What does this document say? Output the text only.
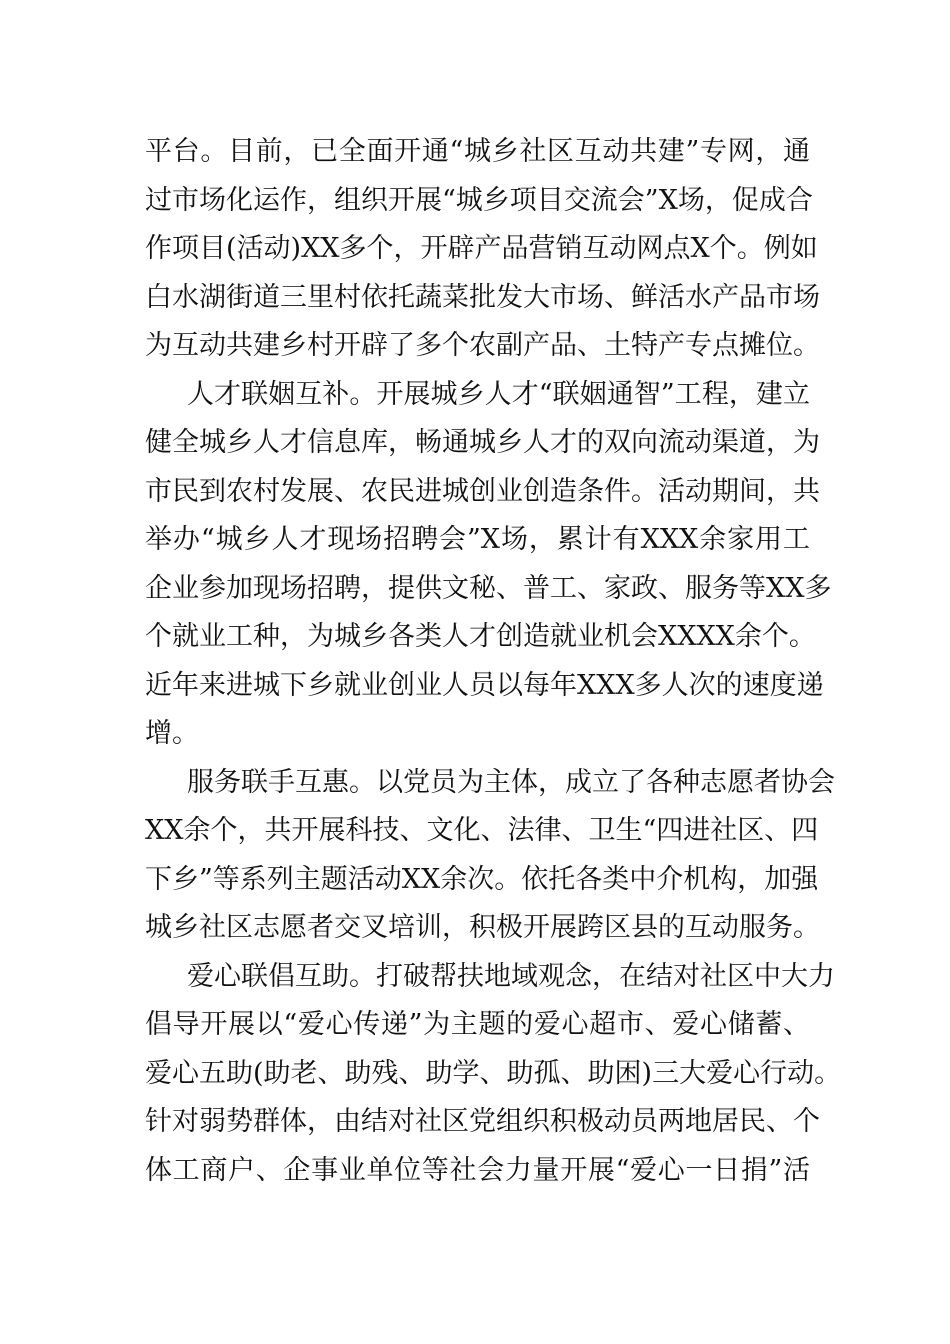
平台。目前，已全面开通“城乡社区互动共建”专网，通
过市场化运作，组织开展“城乡项目交流会”X场，促成合
作项目(活动)XX多个，开辟产品营销互动网点X个。例如
白水湖街道三里村依托蔬菜批发大市场、鲜活水产品市场
为互动共建乡村开辟了多个农副产品、土特产专点摊位。
人才联姻互补。开展城乡人才“联姻通智”工程，建立
健全城乡人才信息库，畅通城乡人才的双向流动渠道，为
市民到农村发展、农民进城创业创造条件。活动期间，共
举办“城乡人才现场招聘会”X场，累计有XXX余家用工
企业参加现场招聘，提供文秘、普工、家政、服务等XX多
个就业工种，为城乡各类人才创造就业机会XXXX余个。
近年来进城下乡就业创业人员以每年XXX多人次的速度递
增。
服务联手互惠。以党员为主体，成立了各种志愿者协会
XX余个，共开展科技、文化、法律、卫生“四进社区、四
下乡”等系列主题活动XX余次。依托各类中介机构，加强
城乡社区志愿者交叉培训，积极开展跨区县的互动服务。
爱心联倡互助。打破帮扶地域观念，在结对社区中大力
倡导开展以“爱心传递”为主题的爱心超市、爱心储蓄、
爱心五助(助老、助残、助学、助孤、助困)三大爱心行动。
针对弱势群体，由结对社区党组织积极动员两地居民、个
体工商户、企事业单位等社会力量开展“爱心一日捐”活
